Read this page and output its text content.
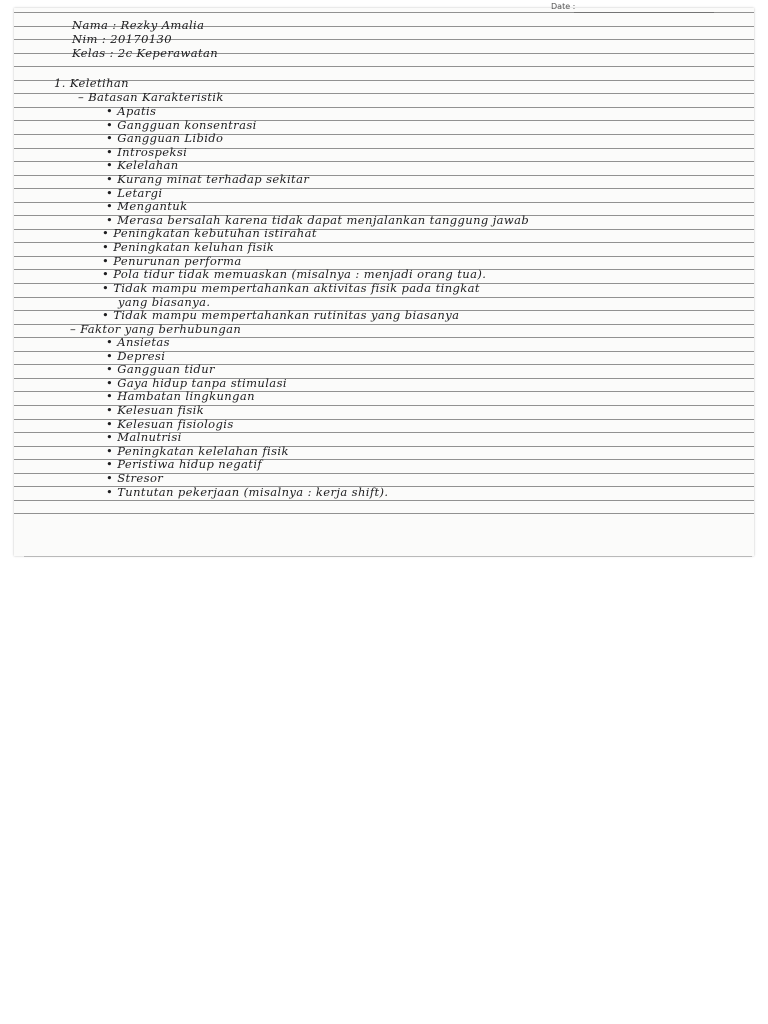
Date :
Nama : Rezky Amalia
Nim : 20170130
Kelas : 2c Keperawatan
1. Keletihan
– Batasan Karakteristik
• Apatis
• Gangguan konsentrasi
• Gangguan Libido
• Introspeksi
• Kelelahan
• Kurang minat terhadap sekitar
• Letargi
• Mengantuk
• Merasa bersalah karena tidak dapat menjalankan tanggung jawab
• Peningkatan kebutuhan istirahat
• Peningkatan keluhan fisik
• Penurunan performa
• Pola tidur tidak memuaskan (misalnya : menjadi orang tua).
• Tidak mampu mempertahankan aktivitas fisik pada tingkat
yang biasanya.
• Tidak mampu mempertahankan rutinitas yang biasanya
– Faktor yang berhubungan
• Ansietas
• Depresi
• Gangguan tidur
• Gaya hidup tanpa stimulasi
• Hambatan lingkungan
• Kelesuan fisik
• Kelesuan fisiologis
• Malnutrisi
• Peningkatan kelelahan fisik
• Peristiwa hidup negatif
• Stresor
• Tuntutan pekerjaan (misalnya : kerja shift).
